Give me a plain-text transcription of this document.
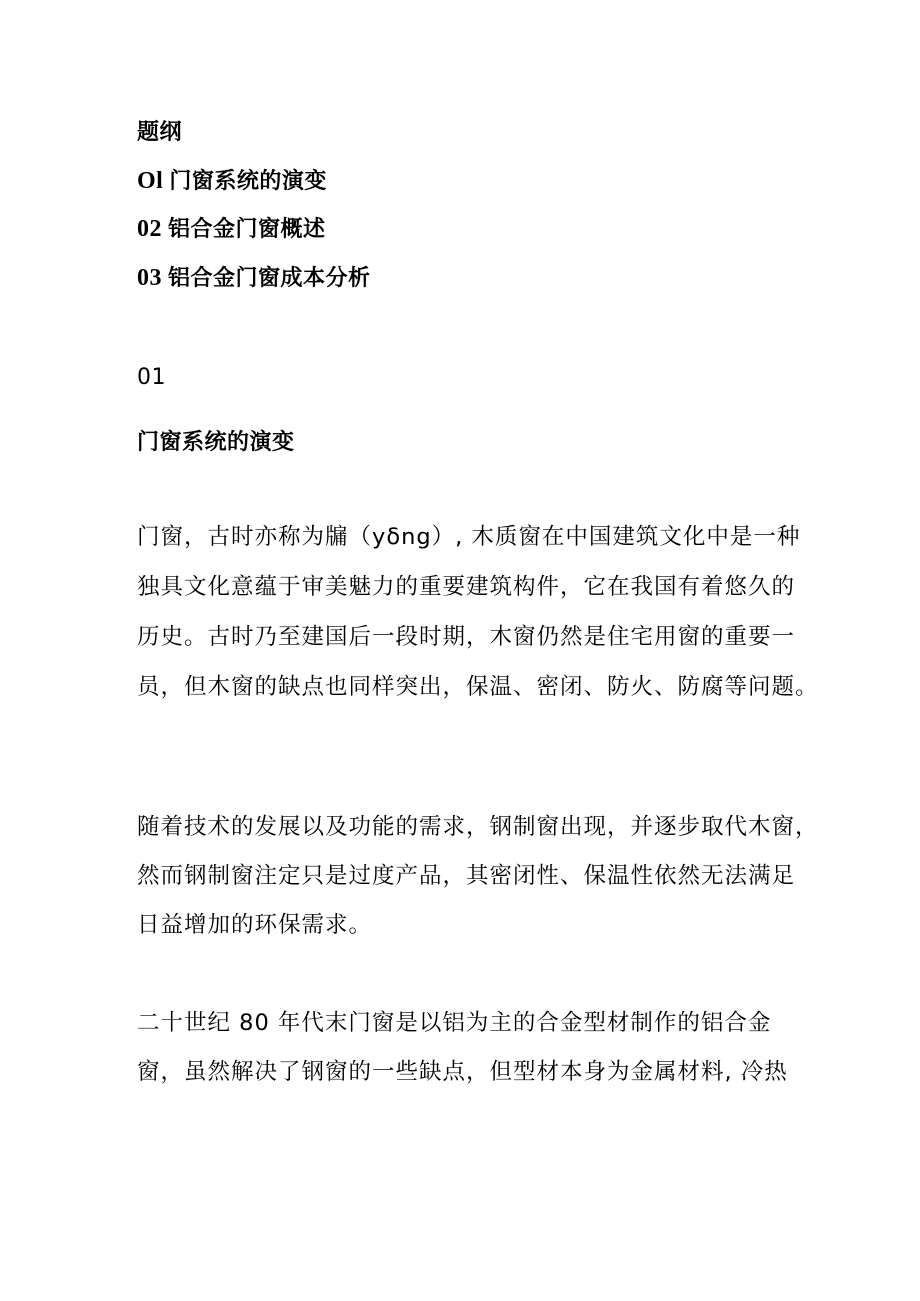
题纲
Ol 门窗系统的演变
02 铝合金门窗概述
03 铝合金门窗成本分析
01
门窗系统的演变
门窗，古时亦称为牖（yδng）, 木质窗在中国建筑文化中是一种
独具文化意蕴于审美魅力的重要建筑构件，它在我国有着悠久的
历史。古时乃至建国后一段时期，木窗仍然是住宅用窗的重要一
员，但木窗的缺点也同样突出，保温、密闭、防火、防腐等问题。
随着技术的发展以及功能的需求，钢制窗出现，并逐步取代木窗，
然而钢制窗注定只是过度产品，其密闭性、保温性依然无法满足
日益增加的环保需求。
二十世纪 80 年代末门窗是以铝为主的合金型材制作的铝合金
窗，虽然解决了钢窗的一些缺点，但型材本身为金属材料, 冷热
